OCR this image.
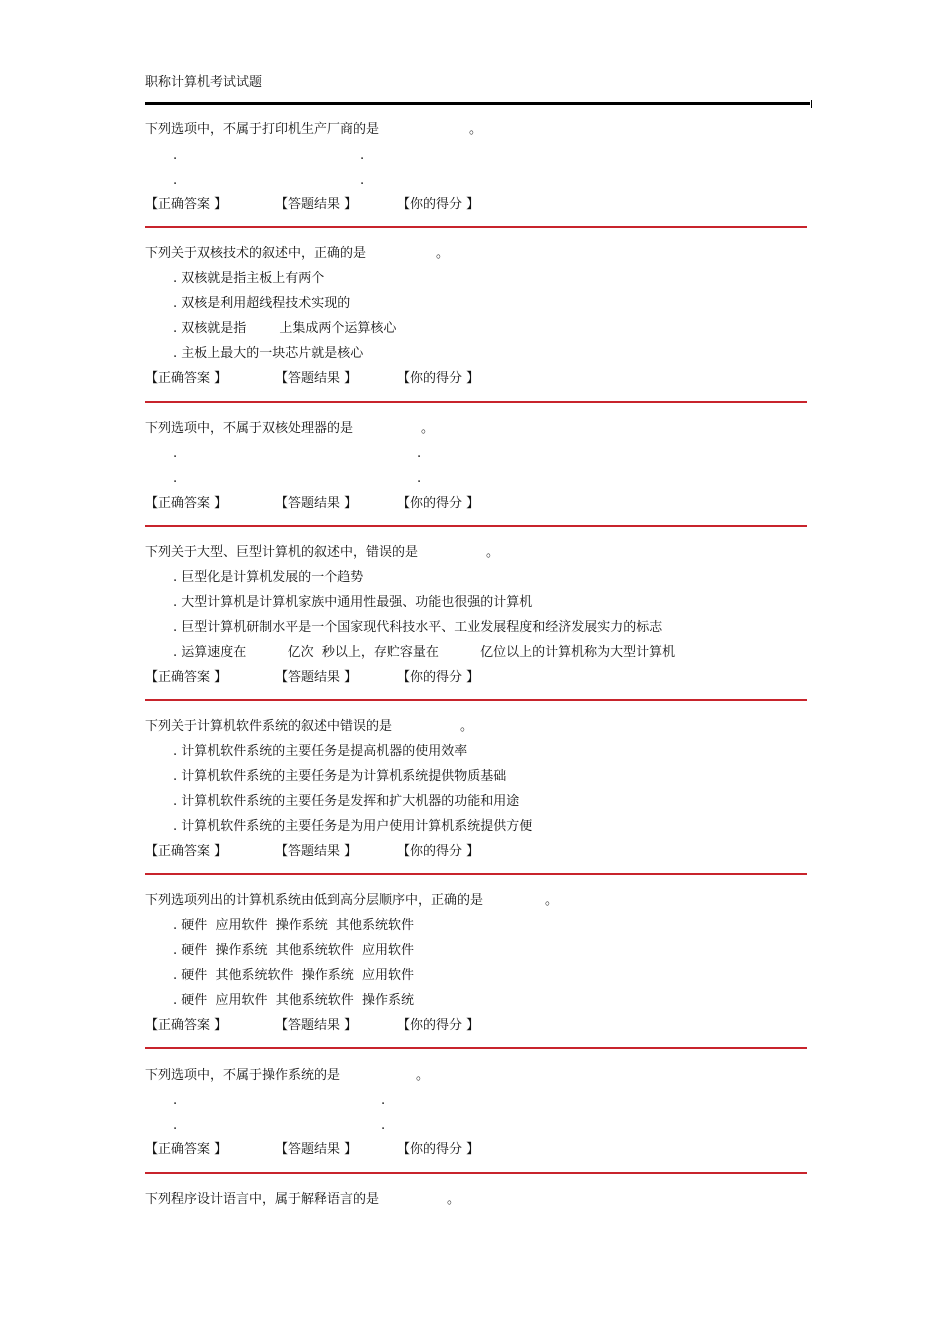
职称计算机考试试题
下列选项中，不属于打印机生产厂商的是	。
.	.
.	.
【正确答案 】	【答题结果 】	【你的得分 】
下列关于双核技术的叙述中，正确的是	。
. 双核就是指主板上有两个
. 双核是利用超线程技术实现的
. 双核就是指        上集成两个运算核心
. 主板上最大的一块芯片就是核心
【正确答案 】	【答题结果 】	【你的得分 】
下列选项中，不属于双核处理器的是	。
.	.
.	.
【正确答案 】	【答题结果 】	【你的得分 】
下列关于大型、巨型计算机的叙述中，错误的是	。
. 巨型化是计算机发展的一个趋势
. 大型计算机是计算机家族中通用性最强、功能也很强的计算机
. 巨型计算机研制水平是一个国家现代科技水平、工业发展程度和经济发展实力的标志
. 运算速度在          亿次  秒以上，存贮容量在          亿位以上的计算机称为大型计算机
【正确答案 】	【答题结果 】	【你的得分 】
下列关于计算机软件系统的叙述中错误的是	。
. 计算机软件系统的主要任务是提高机器的使用效率
. 计算机软件系统的主要任务是为计算机系统提供物质基础
. 计算机软件系统的主要任务是发挥和扩大机器的功能和用途
. 计算机软件系统的主要任务是为用户使用计算机系统提供方便
【正确答案 】	【答题结果 】	【你的得分 】
下列选项列出的计算机系统由低到高分层顺序中，正确的是	。
. 硬件  应用软件  操作系统  其他系统软件
. 硬件  操作系统  其他系统软件  应用软件
. 硬件  其他系统软件  操作系统  应用软件
. 硬件  应用软件  其他系统软件  操作系统
【正确答案 】	【答题结果 】	【你的得分 】
下列选项中，不属于操作系统的是	。
.	.
.	.
【正确答案 】	【答题结果 】	【你的得分 】
下列程序设计语言中，属于解释语言的是	。
